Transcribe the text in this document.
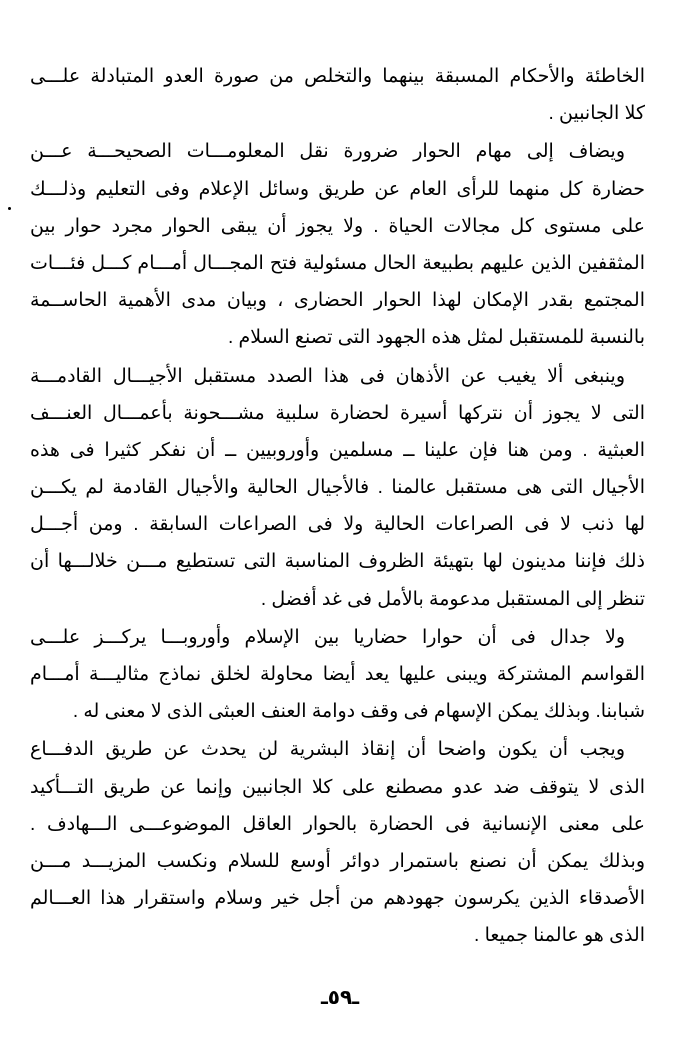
الخاطئة والأحكام المسبقة بينهما والتخلص من صورة العدو المتبادلة علـــى
كلا الجانبين .
ويضاف إلى مهام الحوار ضرورة نقل المعلومـــات الصحيحـــة عـــن
حضارة كل منهما للرأى العام عن طريق وسائل الإعلام وفى التعليم وذلـــك
على مستوى كل مجالات الحياة . ولا يجوز أن يبقى الحوار مجرد حوار بين
المثقفين الذين عليهم بطبيعة الحال مسئولية فتح المجـــال أمـــام كـــل فئـــات
المجتمع بقدر الإمكان لهذا الحوار الحضارى ، وبيان مدى الأهمية الحاســمة
بالنسبة للمستقبل لمثل هذه الجهود التى تصنع السلام .
وينبغى ألا يغيب عن الأذهان فى هذا الصدد مستقبل الأجيـــال القادمـــة
التى لا يجوز أن نتركها أسيرة لحضارة سلبية مشـــحونة بأعمـــال العنـــف
العبثية . ومن هنا فإن علينا ــ مسلمين وأوروبيين ــ أن نفكر كثيرا فى هذه
الأجيال التى هى مستقبل عالمنا . فالأجيال الحالية والأجيال القادمة لم يكـــن
لها ذنب لا فى الصراعات الحالية ولا فى الصراعات السابقة . ومن أجـــل
ذلك فإننا مدينون لها بتهيئة الظروف المناسبة التى تستطيع مـــن خلالـــها أن
تنظر إلى المستقبل مدعومة بالأمل فى غد أفضل .
ولا جدال فى أن حوارا حضاريا بين الإسلام وأوروبـــا يركـــز علـــى
القواسم المشتركة ويبنى عليها يعد أيضا محاولة لخلق نماذج مثاليـــة أمـــام
شبابنا. وبذلك يمكن الإسهام فى وقف دوامة العنف العبثى الذى لا معنى له .
ويجب أن يكون واضحا أن إنقاذ البشرية لن يحدث عن طريق الدفـــاع
الذى لا يتوقف ضد عدو مصطنع على كلا الجانبين وإنما عن طريق التـــأكيد
على معنى الإنسانية فى الحضارة بالحوار العاقل الموضوعـــى الـــهادف .
وبذلك يمكن أن نصنع باستمرار دوائر أوسع للسلام ونكسب المزيـــد مـــن
الأصدقاء الذين يكرسون جهودهم من أجل خير وسلام واستقرار هذا العـــالم
الذى هو عالمنا جميعا .
ـ٥٩ـ
